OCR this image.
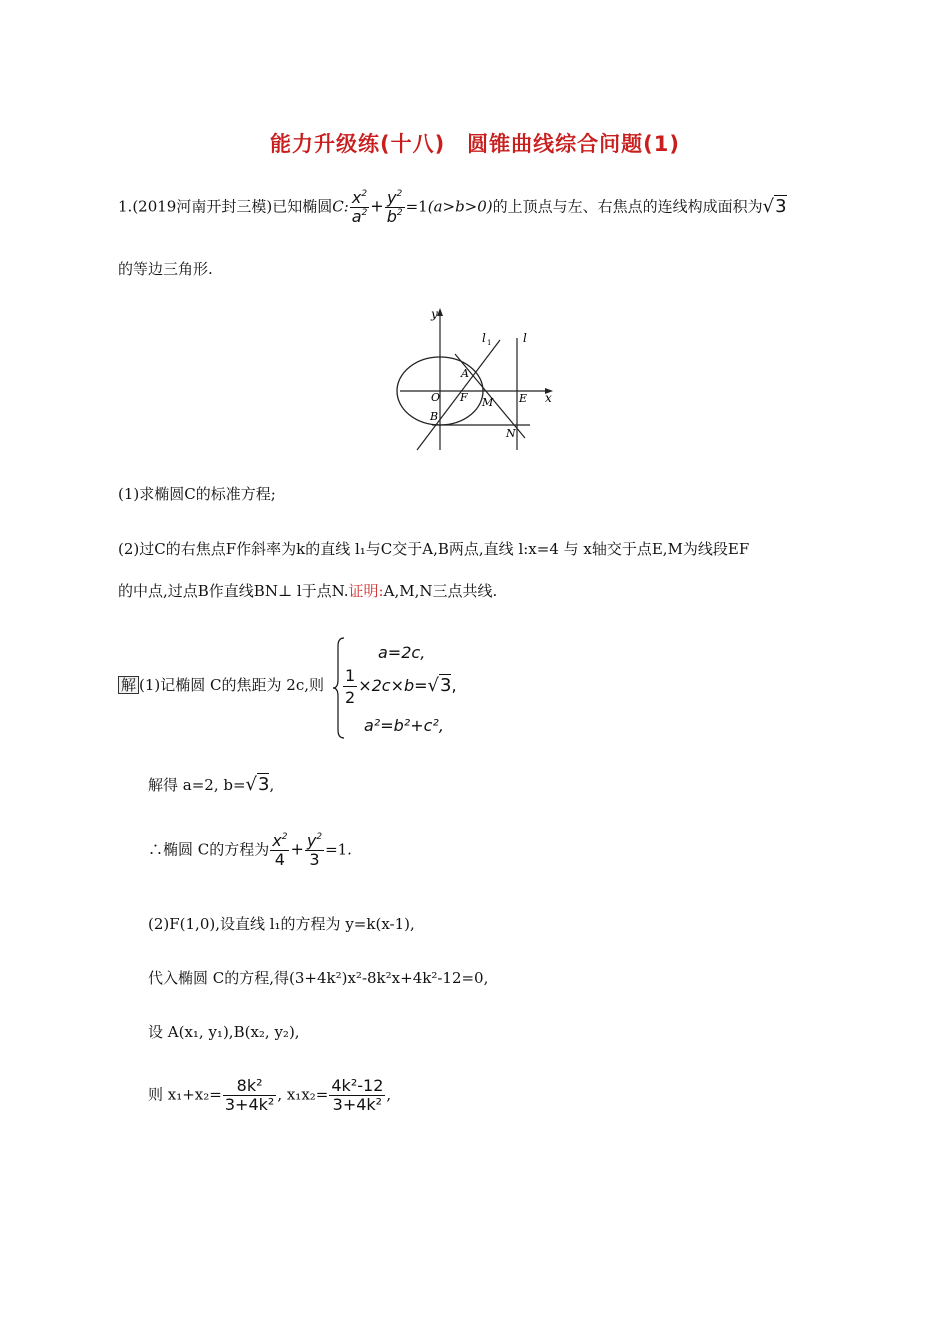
能力升级练(十八)　圆锥曲线综合问题(1)
1.(2019河南开封三模)已知椭圆C: $\frac{x^2}{a^2} + \frac{y^2}{b^2} =1(a>b>0)$的上顶点与左、右焦点的连线构成面积为√3
的等边三角形.
y
x
l 1	l
A
O F M E
B
N
(1)求椭圆C的标准方程;
(2)过C的右焦点F作斜率为k的直线 l₁与C交于A,B两点,直线 l:x=4 与 x轴交于点E,M为线段EF
的中点,过点B作直线BN⊥ l于点N.证明:A,M,N三点共线.
解 (1)记椭圆 C的焦距为 2c,则
a=2c,
$\frac{1}{2} \times 2c\times b=√3$,
a²=b²+c²,
解得 a=2, b=√3,
∴椭圆 C的方程为 $\frac{x^2}{4} + \frac{y^2}{3} =1$.
(2)F(1,0),设直线 l₁的方程为 y=k(x-1),
代入椭圆 C的方程,得(3+4k²)x²-8k²x+4k²-12=0,
设 A(x₁, y₁),B(x₂, y₂),
则 $x_1+x_2= \frac{\text{8k²}}{\text{3+4k²}}$ , $x_1x_2= \frac{\text{4k²-12}}{\text{3+4k²}}$ ,
